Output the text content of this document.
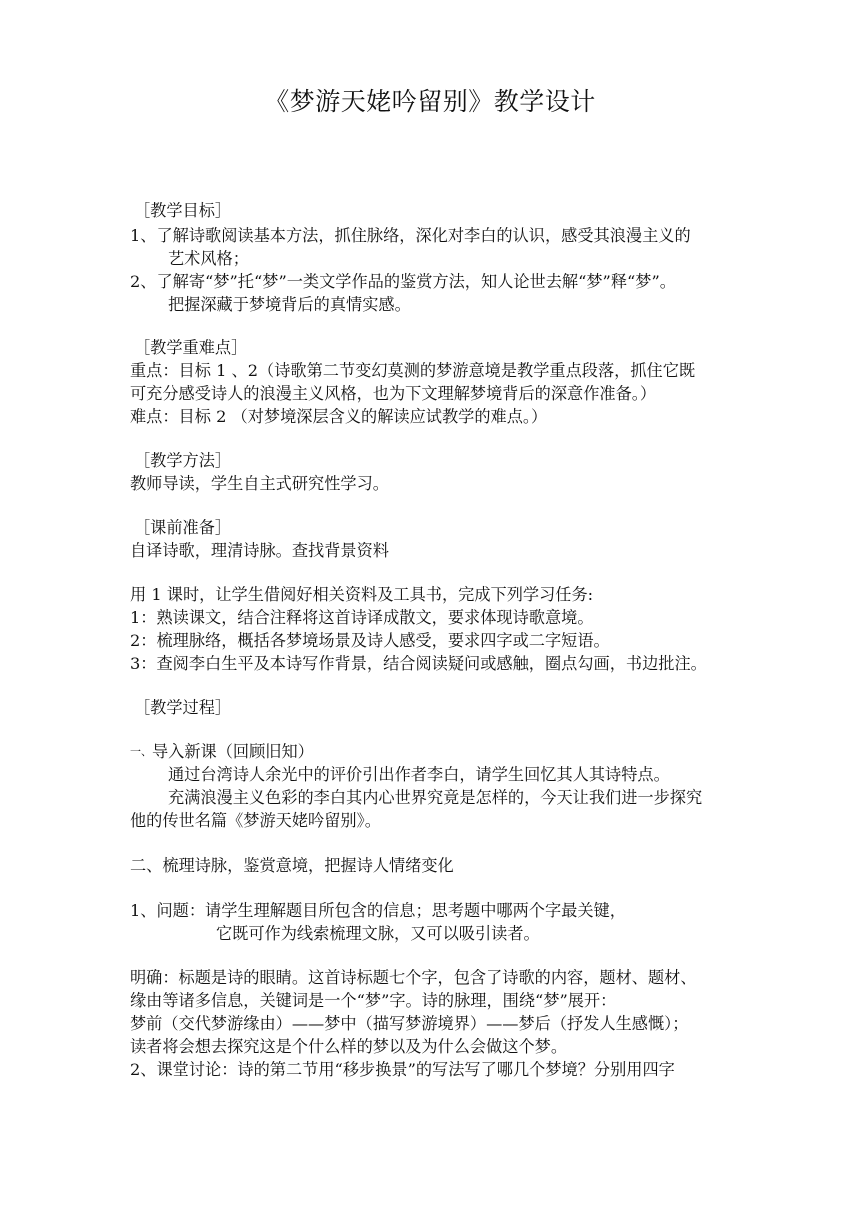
《梦游天姥吟留别》教学设计
［教学目标］
1、了解诗歌阅读基本方法，抓住脉络，深化对李白的认识，感受其浪漫主义的
艺术风格；
2、了解寄“梦”托“梦”一类文学作品的鉴赏方法，知人论世去解“梦”释“梦”。
把握深藏于梦境背后的真情实感。
［教学重难点］
重点：目标 1 、2（诗歌第二节变幻莫测的梦游意境是教学重点段落，抓住它既
可充分感受诗人的浪漫主义风格，也为下文理解梦境背后的深意作准备。）
难点：目标 2 （对梦境深层含义的解读应试教学的难点。）
［教学方法］
教师导读，学生自主式研究性学习。
［课前准备］
自译诗歌，理清诗脉。查找背景资料
用 1 课时，让学生借阅好相关资料及工具书，完成下列学习任务:
1：熟读课文，结合注释将这首诗译成散文，要求体现诗歌意境。
2：梳理脉络，概括各梦境场景及诗人感受，要求四字或二字短语。
3：查阅李白生平及本诗写作背景，结合阅读疑问或感触，圈点勾画，书边批注。
［教学过程］
一、导入新课（回顾旧知）
通过台湾诗人余光中的评价引出作者李白，请学生回忆其人其诗特点。
充满浪漫主义色彩的李白其内心世界究竟是怎样的，今天让我们进一步探究
他的传世名篇《梦游天姥吟留别》。
二、梳理诗脉，鉴赏意境，把握诗人情绪变化
1、问题：请学生理解题目所包含的信息；思考题中哪两个字最关键，
它既可作为线索梳理文脉，又可以吸引读者。
明确：标题是诗的眼睛。这首诗标题七个字，包含了诗歌的内容，题材、题材、
缘由等诸多信息，关键词是一个“梦”字。诗的脉理，围绕“梦”展开：
梦前（交代梦游缘由）——梦中（描写梦游境界）——梦后（抒发人生感慨）；
读者将会想去探究这是个什么样的梦以及为什么会做这个梦。
2、课堂讨论：诗的第二节用“移步换景”的写法写了哪几个梦境？分别用四字
